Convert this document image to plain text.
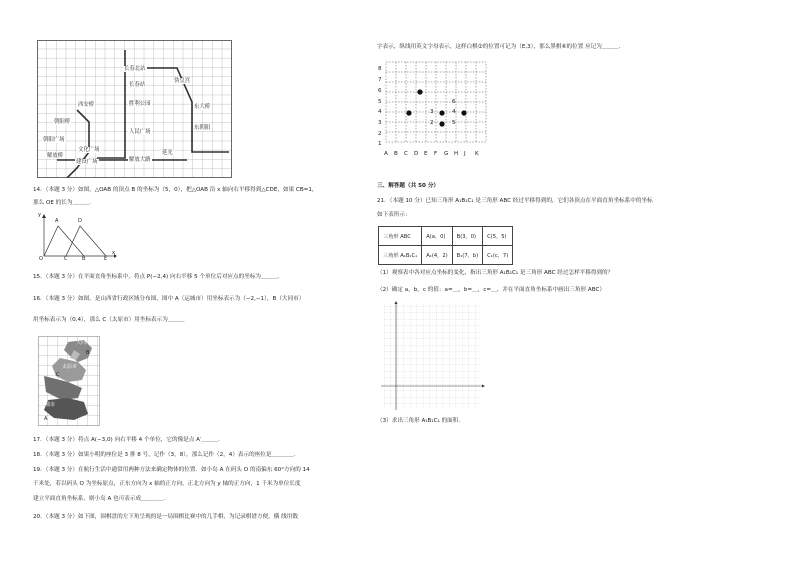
长春北站
长春站
伪皇宫
西安桥	胜利公园	东大桥
朝阳桥
人民广场
东朝阳
朝阳广场
解放桥
文化广场
建设广场	解放大路
延光
14．（本题 3 分）如图，△OAB 的顶点 B 的坐标为（5，0），把△OAB 沿 x 轴向右平移得到△CDE，如果 CB=1，
那么 OE 的长为＿＿＿．
y
A	D
O	C	B	E
x
15．（本题 3 分）在平面直角坐标系中，将点 P(−2,4) 向右平移 5 个单位后对应点的坐标为＿＿＿．
16．（本题 3 分）如图，是山西省行政区域分布图，图中 A（运城市）用坐标表示为（−2,−1），B（大同市）
用坐标表示为（0,4），那么 C（太原市）用坐标表示为＿＿＿
大同市
太原市
运城市
B
C
A
17．（本题 3 分）将点 A(−3,0) 向右平移 4 个单位，它的像是点 A′＿＿＿．
18．（本题 3 分）如果小明的座位是 3 排 8 号，记作（3，8），那么记作（2，4）表示的座位是＿＿＿＿．
19．（本题 3 分）在航行生活中通常用两种方法来确定物体的位置．如小岛 A 在码头 O 的南偏东 60°方向的 14
千米处，若以码头 O 为坐标原点，正东方向为 x 轴的正方向，正北方向为 y 轴的正方向，1 千米为单位长度
建立平面直角坐标系，则小岛 A 也可表示成＿＿＿＿．
20．（本题 3 分）如下图，围棋盘的左下角呈现的是一局围棋比赛中的几手棋，为记录棋谱方便，横 线用数
字表示，纵线用英文字母表示，这样白棋②的位置可记为（E,3），那么黑棋⑥的位置 应记为＿＿＿．
8
7
6
5
4
3
2
1
A B C D E F G H J K
6
3	4
2	5
三、解答题（共 50 分）
21．（本题 10 分）已知三角形 A₁B₁C₁ 是三角形 ABC 经过平移得到的，它们各顶点在平面直角坐标系中的坐标
如下表所示：
三角形 ABC	A(a，0)	B(3，0)	C(5，5)
三角形 A₁B₁C₁	A₁(4，2)	B₁(7，b)	C₁(c，7)
（1）观察表中各对应点坐标的变化，指出三角形 A₁B₁C₁ 是三角形 ABC 经过怎样平移得到的？
（2）确定 a，b，c 的值：a=＿，b=＿，c=＿，并在平面直角坐标系中画出三角形 ABC）
（3）求出三角形 A₁B₁C₁ 的面积．
